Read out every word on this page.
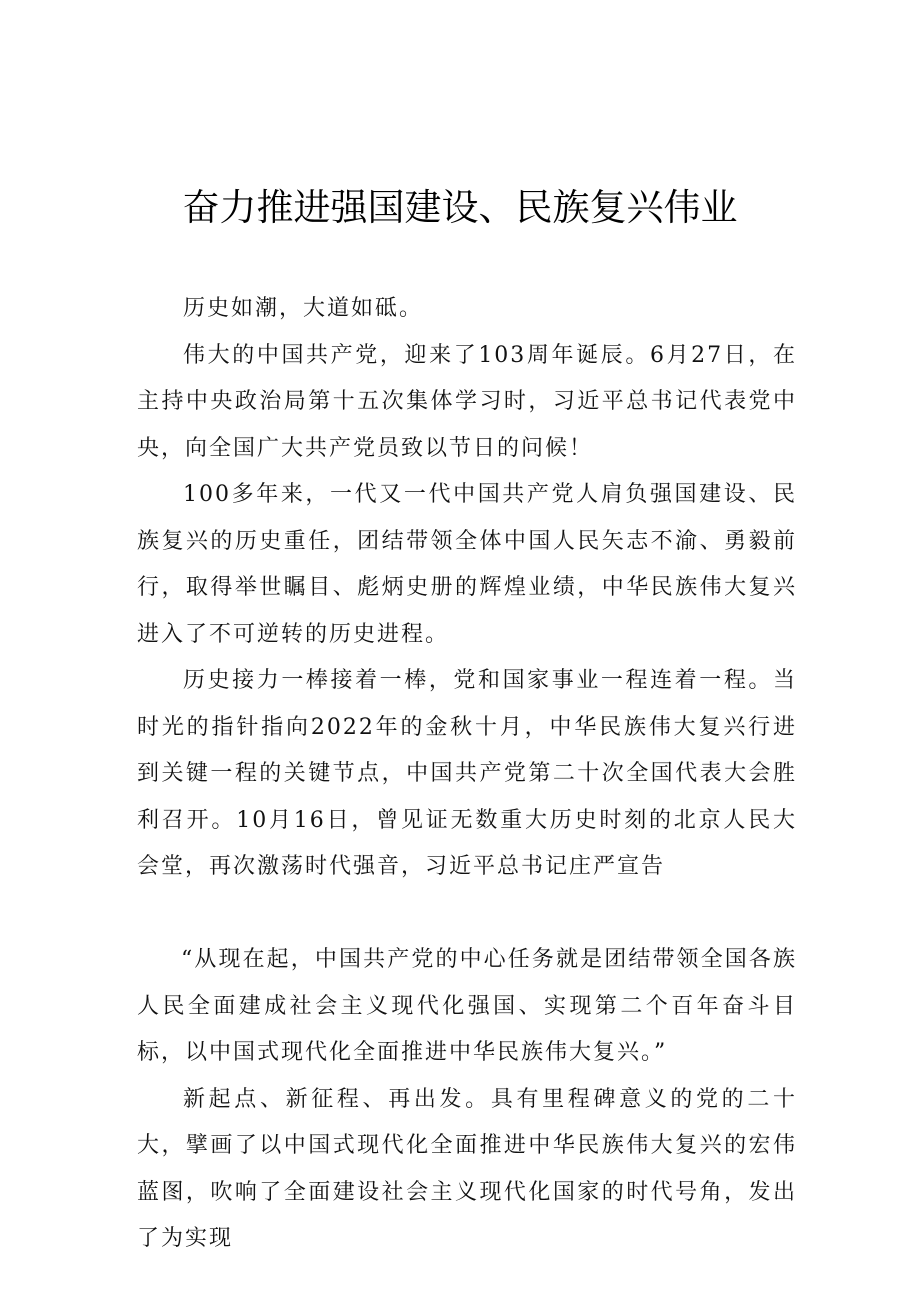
奋力推进强国建设、民族复兴伟业

历史如潮，大道如砥。

伟大的中国共产党，迎来了103周年诞辰。6月27日，在主持中央政治局第十五次集体学习时，习近平总书记代表党中央，向全国广大共产党员致以节日的问候！

100多年来，一代又一代中国共产党人肩负强国建设、民族复兴的历史重任，团结带领全体中国人民矢志不渝、勇毅前行，取得举世瞩目、彪炳史册的辉煌业绩，中华民族伟大复兴进入了不可逆转的历史进程。

历史接力一棒接着一棒，党和国家事业一程连着一程。当时光的指针指向2022年的金秋十月，中华民族伟大复兴行进到关键一程的关键节点，中国共产党第二十次全国代表大会胜利召开。10月16日，曾见证无数重大历史时刻的北京人民大会堂，再次激荡时代强音，习近平总书记庄严宣告

“从现在起，中国共产党的中心任务就是团结带领全国各族人民全面建成社会主义现代化强国、实现第二个百年奋斗目标，以中国式现代化全面推进中华民族伟大复兴。”

新起点、新征程、再出发。具有里程碑意义的党的二十大，擘画了以中国式现代化全面推进中华民族伟大复兴的宏伟蓝图，吹响了全面建设社会主义现代化国家的时代号角，发出了为实现
